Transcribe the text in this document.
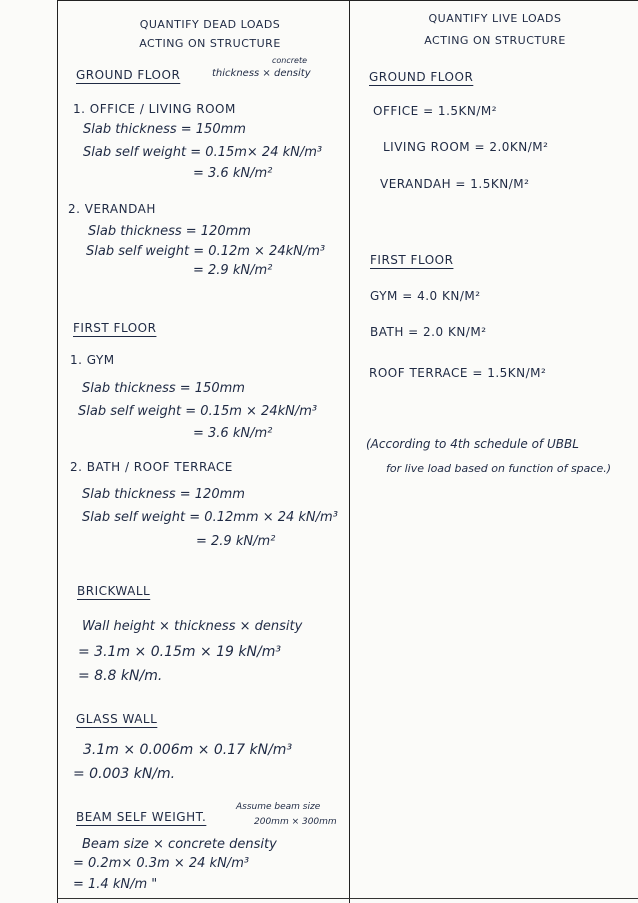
QUANTIFY DEAD LOADS
ACTING ON STRUCTURE
QUANTIFY LIVE LOADS
ACTING ON STRUCTURE
GROUND FLOOR
concrete
thickness × density
1. OFFICE / LIVING ROOM
Slab thickness = 150mm
Slab self weight = 0.15m× 24 kN/m³
= 3.6 kN/m²
2. VERANDAH
Slab thickness = 120mm
Slab self weight = 0.12m × 24kN/m³
= 2.9 kN/m²
FIRST FLOOR
1. GYM
Slab thickness = 150mm
Slab self weight = 0.15m × 24kN/m³
= 3.6 kN/m²
2. BATH / ROOF TERRACE
Slab thickness = 120mm
Slab self weight = 0.12mm × 24 kN/m³
= 2.9 kN/m²
BRICKWALL
Wall height × thickness × density
= 3.1m × 0.15m × 19 kN/m³
= 8.8 kN/m.
GLASS WALL
3.1m × 0.006m × 0.17 kN/m³
= 0.003 kN/m.
BEAM SELF WEIGHT.
Assume beam size
200mm × 300mm
Beam size × concrete density
= 0.2m× 0.3m × 24 kN/m³
= 1.4 kN/m "
GROUND FLOOR
OFFICE = 1.5KN/M²
LIVING ROOM = 2.0KN/M²
VERANDAH = 1.5KN/M²
FIRST FLOOR
GYM = 4.0 KN/M²
BATH = 2.0 KN/M²
ROOF TERRACE = 1.5KN/M²
(According to 4th schedule of UBBL
for live load based on function of space.)
